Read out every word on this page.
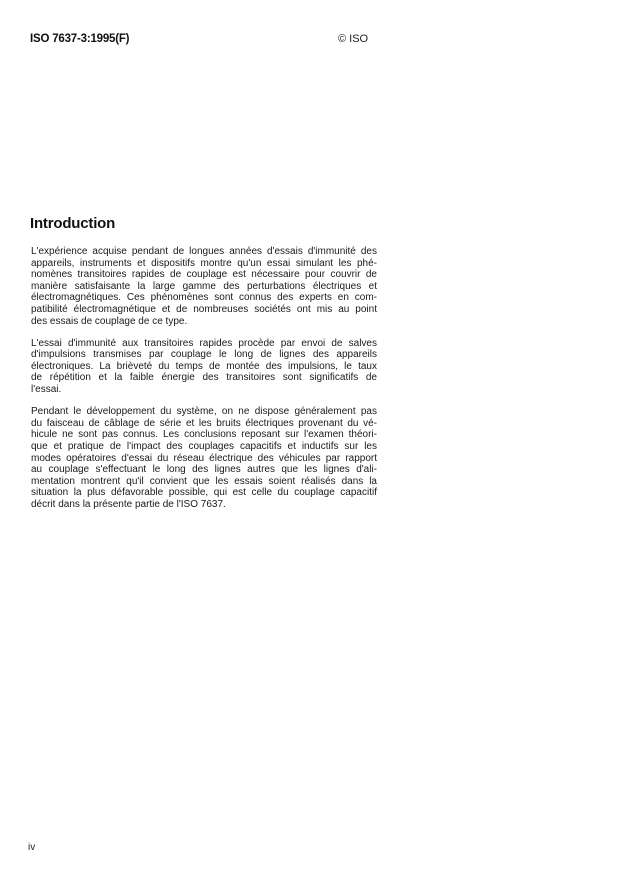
ISO 7637-3:1995(F)	© ISO
Introduction

L'expérience acquise pendant de longues années d'essais d'immunité des
appareils, instruments et dispositifs montre qu'un essai simulant les phé-
nomènes transitoires rapides de couplage est nécessaire pour couvrir de
manière satisfaisante la large gamme des perturbations électriques et
électromagnétiques. Ces phénomènes sont connus des experts en com-
patibilité électromagnétique et de nombreuses sociétés ont mis au point
des essais de couplage de ce type.

L'essai d'immunité aux transitoires rapides procède par envoi de salves
d'impulsions transmises par couplage le long de lignes des appareils
électroniques. La brièveté du temps de montée des impulsions, le taux
de répétition et la faible énergie des transitoires sont significatifs de
l'essai.

Pendant le développement du système, on ne dispose généralement pas
du faisceau de câblage de série et les bruits électriques provenant du vé-
hicule ne sont pas connus. Les conclusions reposant sur l'examen théori-
que et pratique de l'impact des couplages capacitifs et inductifs sur les
modes opératoires d'essai du réseau électrique des véhicules par rapport
au couplage s'effectuant le long des lignes autres que les lignes d'ali-
mentation montrent qu'il convient que les essais soient réalisés dans la
situation la plus défavorable possible, qui est celle du couplage capacitif
décrit dans la présente partie de l'ISO 7637.

iv
